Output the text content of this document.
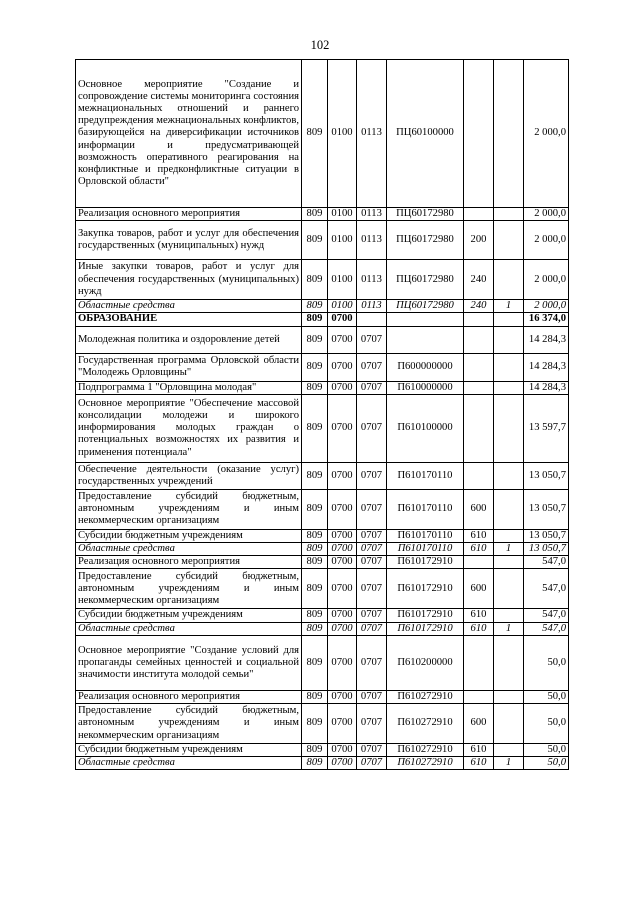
102
Основное мероприятие "Создание и сопровождение системы мониторинга состояния межнациональных отношений и раннего предупреждения межнациональных конфликтов, базирующейся на диверсификации источников информации и предусматривающей возможность оперативного реагирования на конфликтные и предконфликтные ситуации в Орловской области"	809	0100	0113	ПЦ60100000			2 000,0
Реализация основного мероприятия	809	0100	0113	ПЦ60172980			2 000,0
Закупка товаров, работ и услуг для обеспечения государственных (муниципальных) нужд	809	0100	0113	ПЦ60172980	200		2 000,0
Иные закупки товаров, работ и услуг для обеспечения государственных (муниципальных) нужд	809	0100	0113	ПЦ60172980	240		2 000,0
Областные средства	809	0100	0113	ПЦ60172980	240	1	2 000,0
ОБРАЗОВАНИЕ	809	0700					16 374,0
Молодежная политика и оздоровление детей	809	0700	0707				14 284,3
Государственная программа Орловской области "Молодежь Орловщины"	809	0700	0707	П600000000			14 284,3
Подпрограмма 1 "Орловщина молодая"	809	0700	0707	П610000000			14 284,3
Основное мероприятие "Обеспечение массовой консолидации молодежи и широкого информирования молодых граждан о потенциальных возможностях их развития и применения потенциала"	809	0700	0707	П610100000			13 597,7
Обеспечение деятельности (оказание услуг) государственных учреждений	809	0700	0707	П610170110			13 050,7
Предоставление субсидий бюджетным, автономным учреждениям и иным некоммерческим организациям	809	0700	0707	П610170110	600		13 050,7
Субсидии бюджетным учреждениям	809	0700	0707	П610170110	610		13 050,7
Областные средства	809	0700	0707	П610170110	610	1	13 050,7
Реализация основного мероприятия	809	0700	0707	П610172910			547,0
Предоставление субсидий бюджетным, автономным учреждениям и иным некоммерческим организациям	809	0700	0707	П610172910	600		547,0
Субсидии бюджетным учреждениям	809	0700	0707	П610172910	610		547,0
Областные средства	809	0700	0707	П610172910	610	1	547,0
Основное мероприятие "Создание условий для пропаганды семейных ценностей и социальной значимости института молодой семьи"	809	0700	0707	П610200000			50,0
Реализация основного мероприятия	809	0700	0707	П610272910			50,0
Предоставление субсидий бюджетным, автономным учреждениям и иным некоммерческим организациям	809	0700	0707	П610272910	600		50,0
Субсидии бюджетным учреждениям	809	0700	0707	П610272910	610		50,0
Областные средства	809	0700	0707	П610272910	610	1	50,0
